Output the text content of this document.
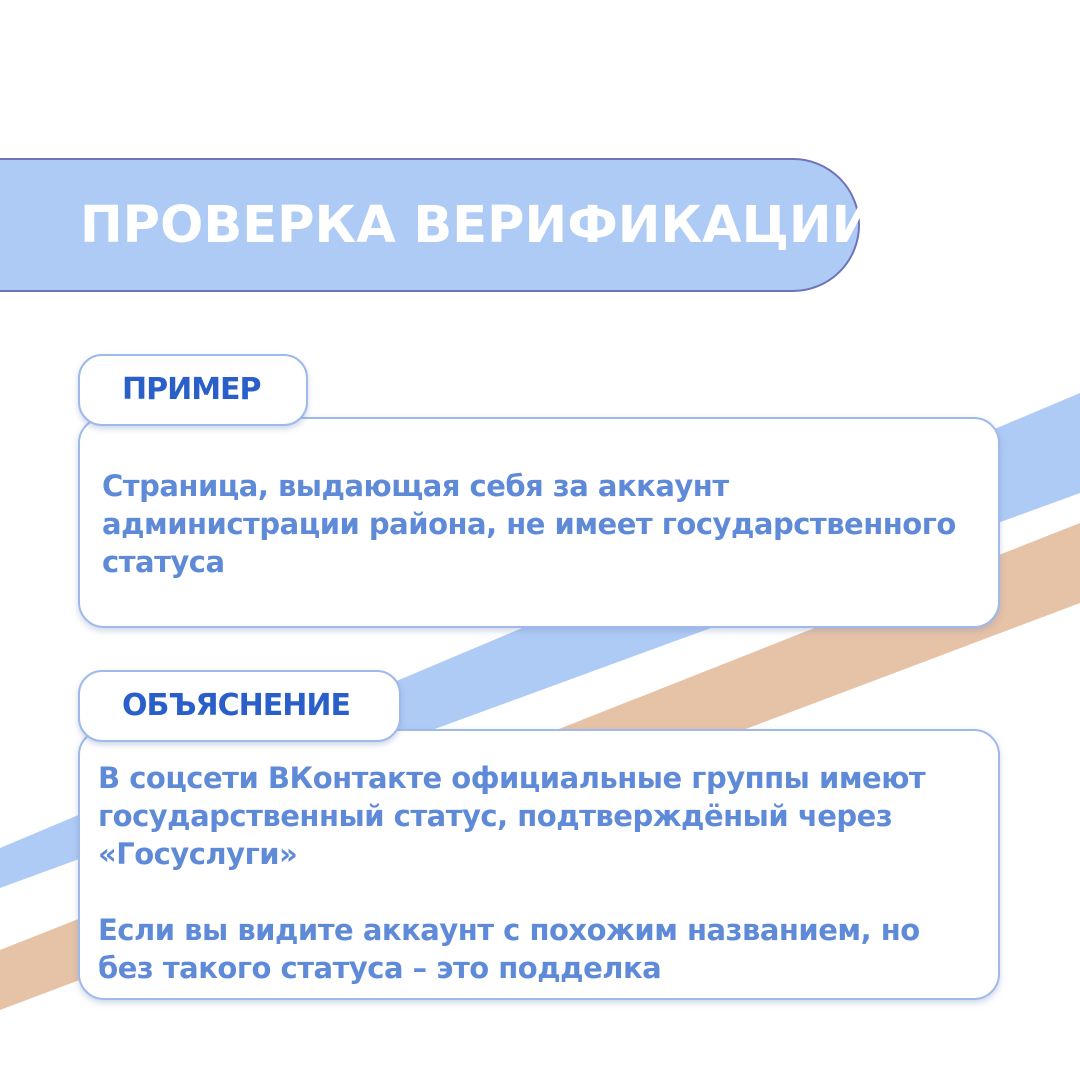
ПРОВЕРКА ВЕРИФИКАЦИИ
ПРИМЕР

Страница, выдающая себя за аккаунт администрации района, не имеет государственного статуса

ОБЪЯСНЕНИЕ

В соцсети ВКонтакте официальные группы имеют государственный статус, подтверждёный через «Госуслуги»

Если вы видите аккаунт с похожим названием, но без такого статуса – это подделка
